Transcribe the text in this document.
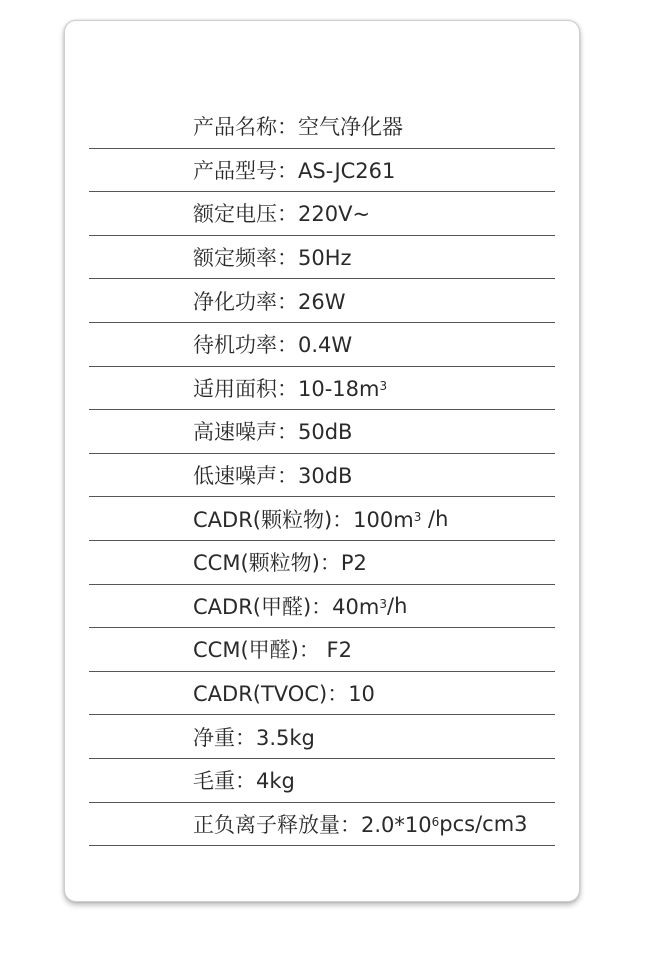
产品名称：空气净化器
产品型号：AS-JC261
额定电压：220V~
额定频率：50Hz
净化功率：26W
待机功率：0.4W
适用面积：$10-18m^3$
高速噪声：50dB
低速噪声：30dB
CADR(颗粒物)：$100m^3$ /h
CCM(颗粒物)：P2
CADR(甲醛)：$40m^3$ /h
CCM(甲醛)： F2
CADR(TVOC)：10
净重：3.5kg
毛重：4kg
正负离子释放量：$2.0*10^6$ pcs/cm3
